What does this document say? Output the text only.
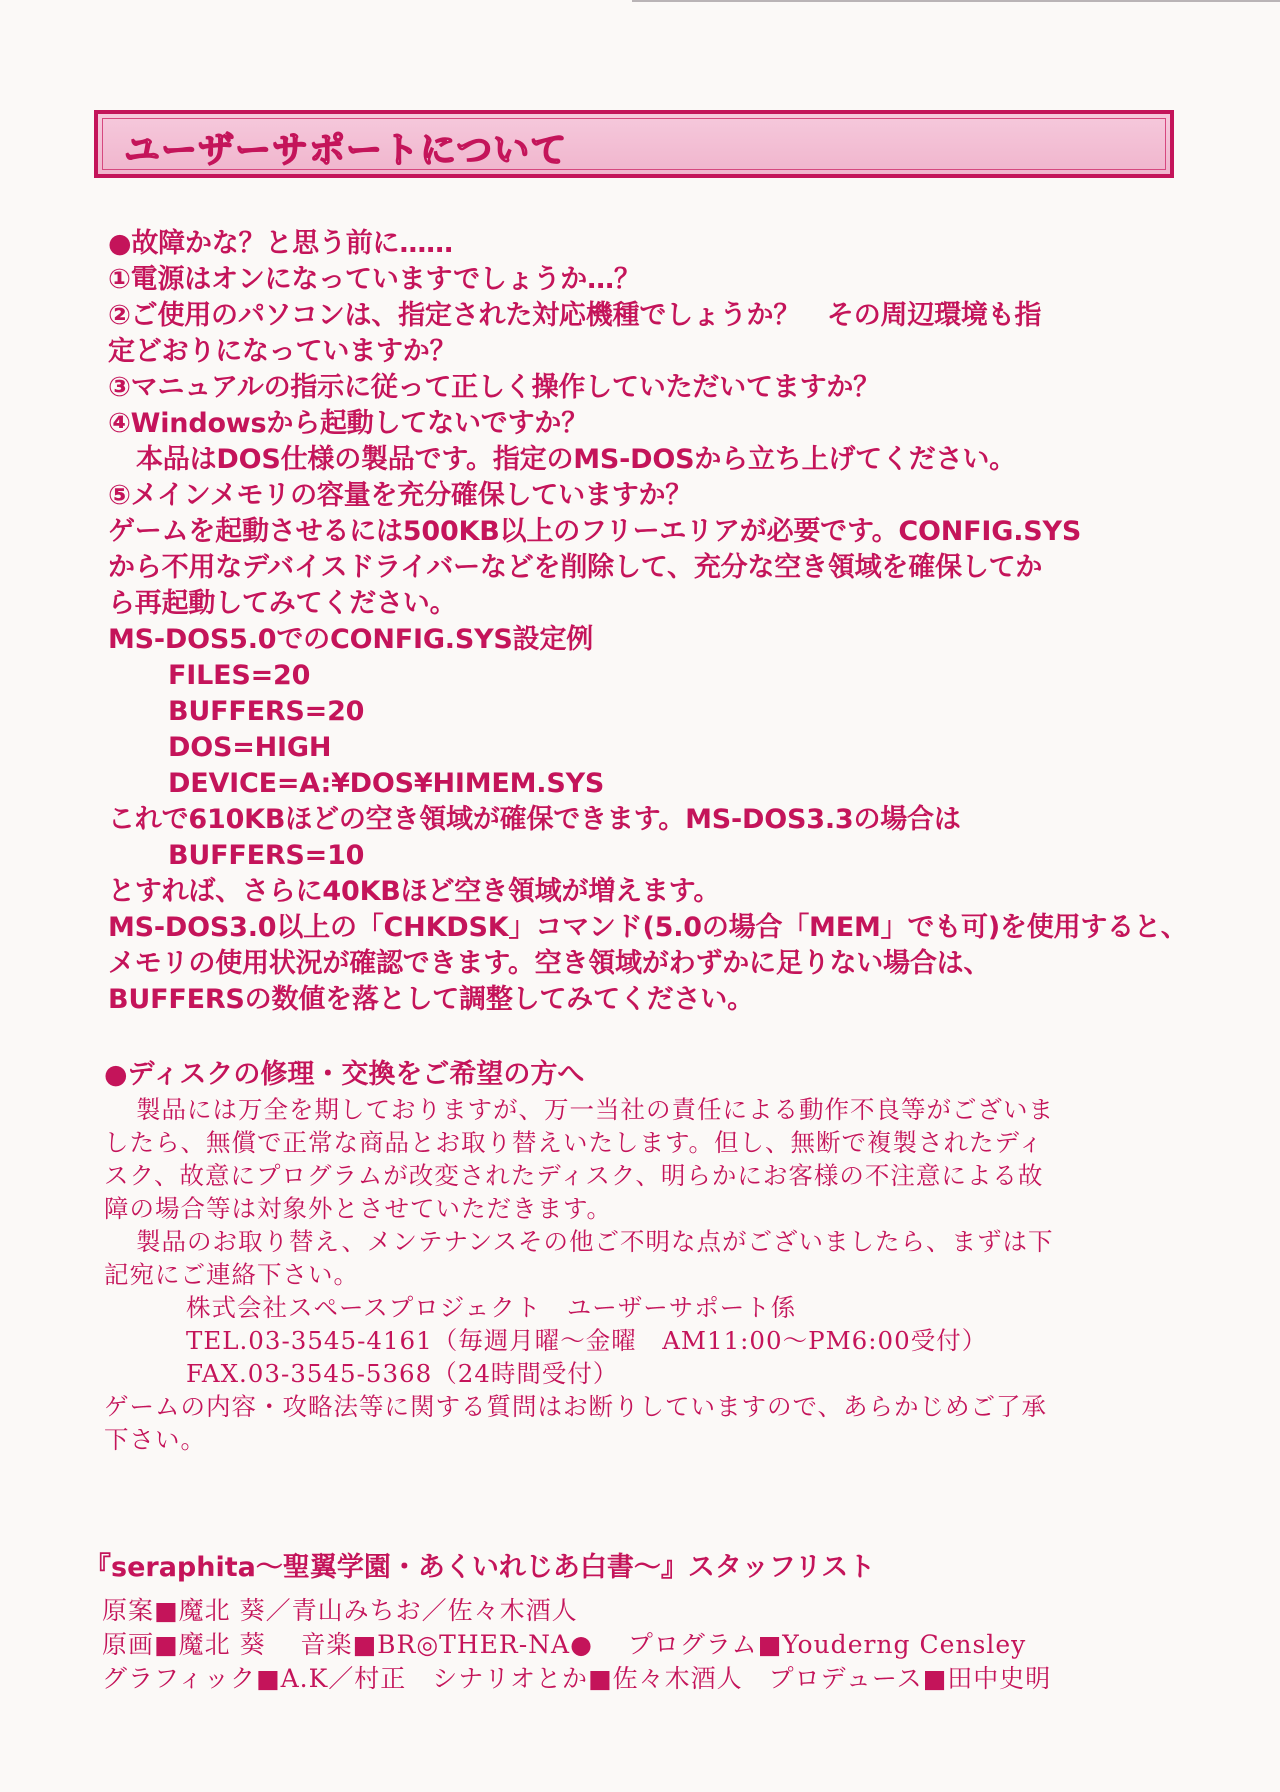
ユーザーサポートについて
●故障かな？と思う前に……
①電源はオンになっていますでしょうか…？
②ご使用のパソコンは、指定された対応機種でしょうか？　その周辺環境も指
定どおりになっていますか？
③マニュアルの指示に従って正しく操作していただいてますか？
④Windowsから起動してないですか？
本品はDOS仕様の製品です。指定のMS-DOSから立ち上げてください。
⑤メインメモリの容量を充分確保していますか？
ゲームを起動させるには500KB以上のフリーエリアが必要です。CONFIG.SYS
から不用なデバイスドライバーなどを削除して、充分な空き領域を確保してか
ら再起動してみてください。
MS-DOS5.0でのCONFIG.SYS設定例
FILES=20
BUFFERS=20
DOS=HIGH
DEVICE=A:¥DOS¥HIMEM.SYS
これで610KBほどの空き領域が確保できます。MS-DOS3.3の場合は
BUFFERS=10
とすれば、さらに40KBほど空き領域が増えます。
MS-DOS3.0以上の「CHKDSK」コマンド(5.0の場合「MEM」でも可)を使用すると、
メモリの使用状況が確認できます。空き領域がわずかに足りない場合は、
BUFFERSの数値を落として調整してみてください。
●ディスクの修理・交換をご希望の方へ
製品には万全を期しておりますが、万一当社の責任による動作不良等がございま
したら、無償で正常な商品とお取り替えいたします。但し、無断で複製されたディ
スク、故意にプログラムが改変されたディスク、明らかにお客様の不注意による故
障の場合等は対象外とさせていただきます。
製品のお取り替え、メンテナンスその他ご不明な点がございましたら、まずは下
記宛にご連絡下さい。
株式会社スペースプロジェクト　ユーザーサポート係
TEL.03-3545-4161（毎週月曜～金曜　AM11:00～PM6:00受付）
FAX.03-3545-5368（24時間受付）
ゲームの内容・攻略法等に関する質問はお断りしていますので、あらかじめご了承
下さい。
『seraphita～聖翼学園・あくいれじあ白書～』スタッフリスト
原案■魔北 葵／青山みちお／佐々木酒人
原画■魔北 葵　 音楽■BR◎THER-NA●　 プログラム■Youderng Censley
グラフィック■A.K／村正　シナリオとか■佐々木酒人　プロデュース■田中史明
